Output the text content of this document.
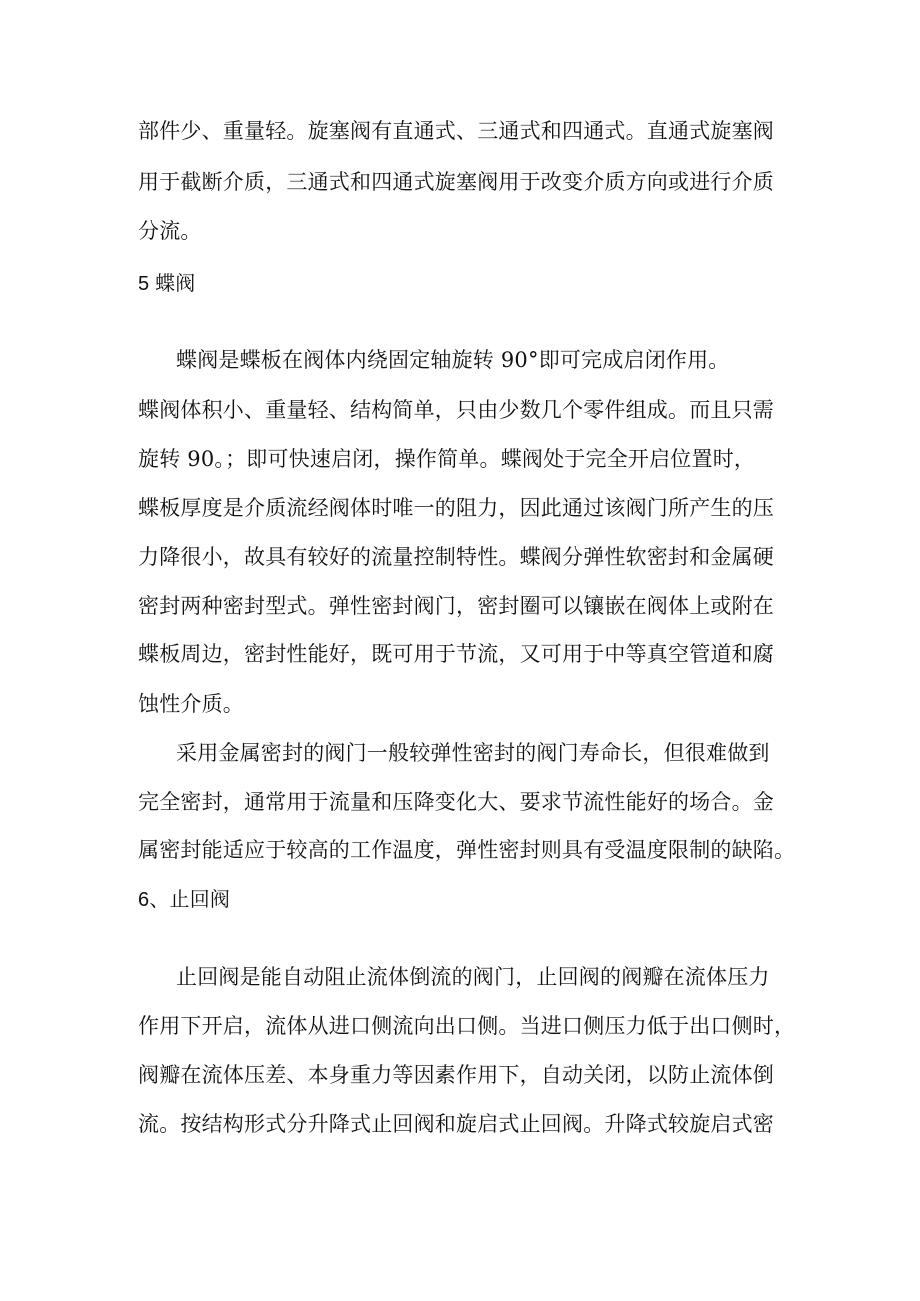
部件少、重量轻。旋塞阀有直通式、三通式和四通式。直通式旋塞阀
用于截断介质，三通式和四通式旋塞阀用于改变介质方向或进行介质
分流。
5 蝶阀
蝶阀是蝶板在阀体内绕固定轴旋转 90°即可完成启闭作用。
蝶阀体积小、重量轻、结构简单，只由少数几个零件组成。而且只需
旋转 90。；即可快速启闭，操作简单。蝶阀处于完全开启位置时，
蝶板厚度是介质流经阀体时唯一的阻力，因此通过该阀门所产生的压
力降很小，故具有较好的流量控制特性。蝶阀分弹性软密封和金属硬
密封两种密封型式。弹性密封阀门，密封圈可以镶嵌在阀体上或附在
蝶板周边，密封性能好，既可用于节流，又可用于中等真空管道和腐
蚀性介质。
采用金属密封的阀门一般较弹性密封的阀门寿命长，但很难做到
完全密封，通常用于流量和压降变化大、要求节流性能好的场合。金
属密封能适应于较高的工作温度，弹性密封则具有受温度限制的缺陷。
6、止回阀
止回阀是能自动阻止流体倒流的阀门，止回阀的阀瓣在流体压力
作用下开启，流体从进口侧流向出口侧。当进口侧压力低于出口侧时，
阀瓣在流体压差、本身重力等因素作用下，自动关闭，以防止流体倒
流。按结构形式分升降式止回阀和旋启式止回阀。升降式较旋启式密
